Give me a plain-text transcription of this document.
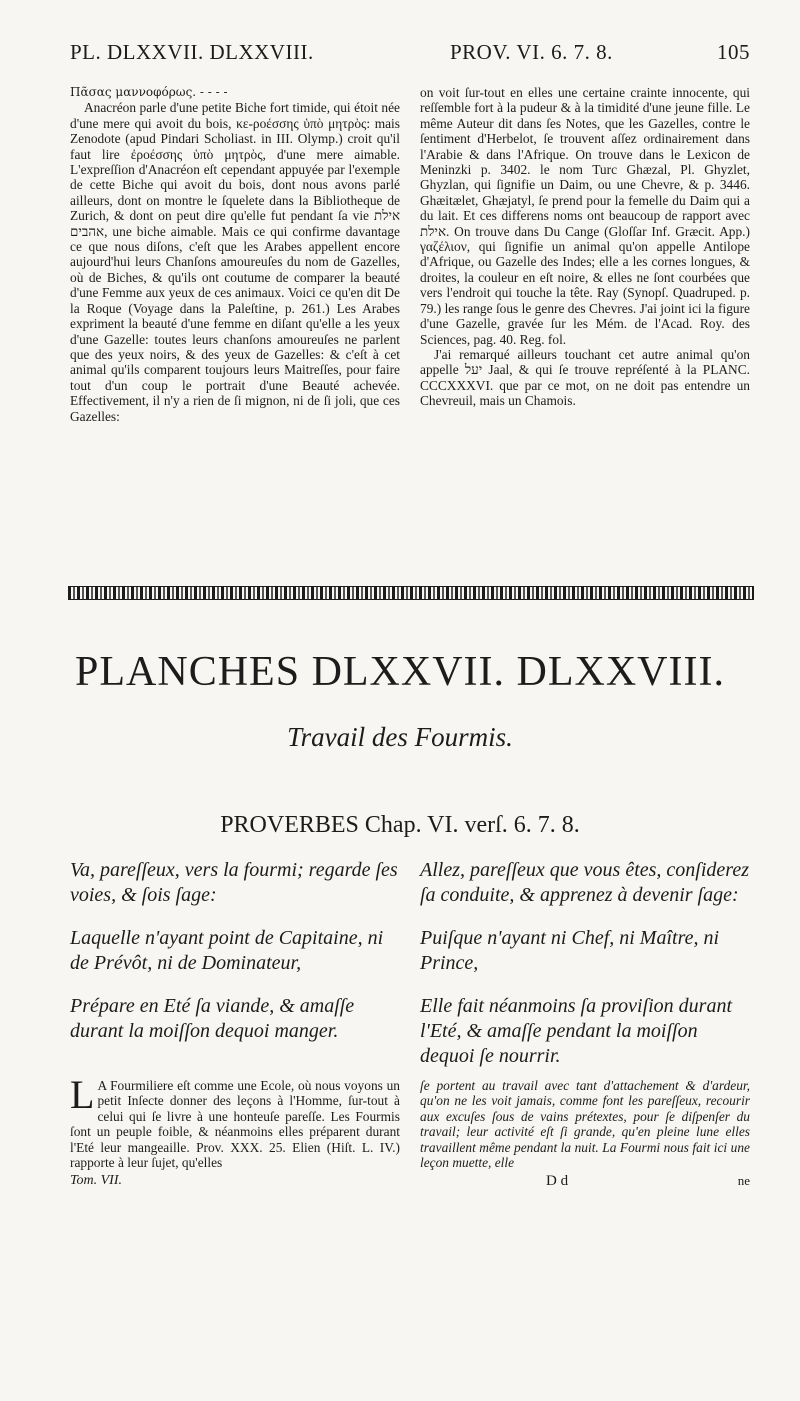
PL. DLXXVII. DLXXVIII.	PROV. VI. 6. 7. 8.	105

Πᾶσας μαννοφόρως. - - - -

Anacréon parle d'une petite Biche fort timide, qui étoit née d'une mere qui avoit du bois, κε-ροέσσης ὑπὸ μητρὸς: mais Zenodote (apud Pindari Scholiast. in III. Olymp.) croit qu'il faut lire ἐροέσσης ὑπὸ μητρὸς, d'une mere aimable. L'expreſſion d'Anacréon eſt cependant appuyée par l'exemple de cette Biche qui avoit du bois, dont nous avons parlé ailleurs, dont on montre le ſquelete dans la Bibliotheque de Zurich, & dont on peut dire qu'elle fut pendant ſa vie אילת אהבים, une biche aimable. Mais ce qui confirme davantage ce que nous diſons, c'eſt que les Arabes appellent encore aujourd'hui leurs Chanſons amoureuſes du nom de Gazelles, où de Biches, & qu'ils ont coutume de comparer la beauté d'une Femme aux yeux de ces animaux. Voici ce qu'en dit De la Roque (Voyage dans la Paleſtine, p. 261.) Les Arabes expriment la beauté d'une femme en diſant qu'elle a les yeux d'une Gazelle: toutes leurs chanſons amoureuſes ne parlent que des yeux noirs, & des yeux de Gazelles: & c'eſt à cet animal qu'ils comparent toujours leurs Maitreſſes, pour faire tout d'un coup le portrait d'une Beauté achevée. Effectivement, il n'y a rien de ſi mignon, ni de ſi joli, que ces Gazelles:

on voit ſur-tout en elles une certaine crainte innocente, qui reſſemble fort à la pudeur & à la timidité d'une jeune fille. Le même Auteur dit dans ſes Notes, que les Gazelles, contre le ſentiment d'Herbelot, ſe trouvent aſſez ordinairement dans l'Arabie & dans l'Afrique. On trouve dans le Lexicon de Meninzki p. 3402. le nom Turc Ghæzal, Pl. Ghyzlet, Ghyzlan, qui ſignifie un Daim, ou une Chevre, & p. 3446. Ghæitælet, Ghæjatyl, ſe prend pour la femelle du Daim qui a du lait. Et ces differens noms ont beaucoup de rapport avec אילת. On trouve dans Du Cange (Gloſſar Inf. Græcit. App.) γαζέλιον, qui ſignifie un animal qu'on appelle Antilope d'Afrique, ou Gazelle des Indes; elle a les cornes longues, & droites, la couleur en eſt noire, & elles ne ſont courbées que vers l'endroit qui touche la tête. Ray (Synopſ. Quadruped. p. 79.) les range ſous le genre des Chevres. J'ai joint ici la figure d'une Gazelle, gravée ſur les Mém. de l'Acad. Roy. des Sciences, pag. 40. Reg. fol.

J'ai remarqué ailleurs touchant cet autre animal qu'on appelle יעל Jaal, & qui ſe trouve repréſenté à la PLANC. CCCXXXVI. que par ce mot, on ne doit pas entendre un Chevreuil, mais un Chamois.

PLANCHES DLXXVII. DLXXVIII.
Travail des Fourmis.
PROVERBES Chap. VI. verſ. 6. 7. 8.

Va, pareſſeux, vers la fourmi; regarde ſes voies, & ſois ſage:

Laquelle n'ayant point de Capitaine, ni de Prévôt, ni de Dominateur,

Prépare en Eté ſa viande, & amaſſe durant la moiſſon dequoi manger.

Allez, pareſſeux que vous êtes, conſiderez ſa conduite, & apprenez à devenir ſage:

Puiſque n'ayant ni Chef, ni Maître, ni Prince,

Elle fait néanmoins ſa proviſion durant l'Eté, & amaſſe pendant la moiſſon dequoi ſe nourrir.

L A Fourmiliere eſt comme une Ecole, où nous voyons un petit Inſecte donner des leçons à l'Homme, ſur-tout à celui qui ſe livre à une honteuſe pareſſe. Les Fourmis ſont un peuple foible, & néanmoins elles préparent durant l'Eté leur mangeaille. Prov. XXX. 25. Elien (Hiſt. L. IV.) rapporte à leur ſujet, qu'elles

ſe portent au travail avec tant d'attachement & d'ardeur, qu'on ne les voit jamais, comme font les pareſſeux, recourir aux excuſes ſous de vains prétextes, pour ſe diſpenſer du travail; leur activité eſt ſi grande, qu'en pleine lune elles travaillent même pendant la nuit. La Fourmi nous fait ici une leçon muette, elle

Tom. VII.	D d	ne
